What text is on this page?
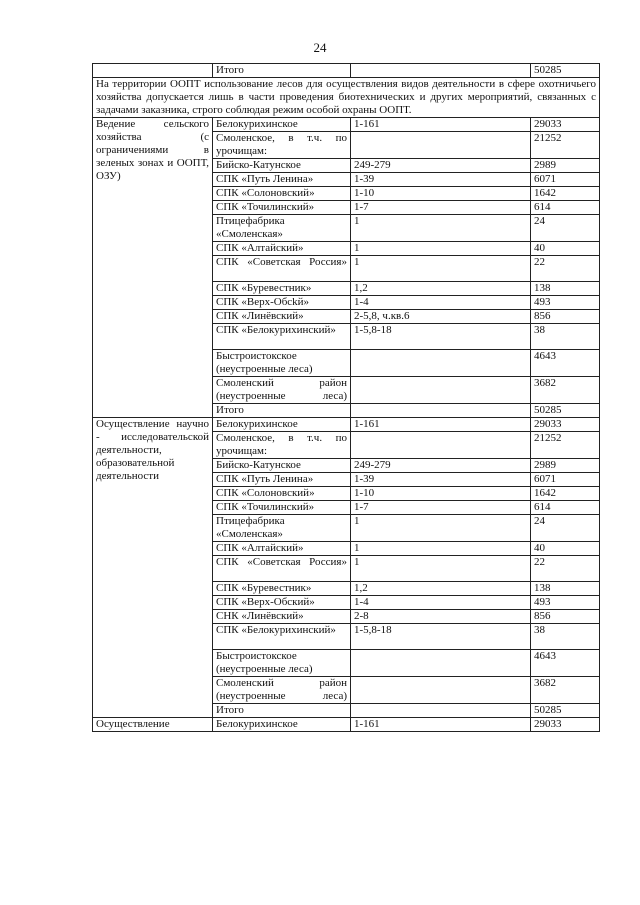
24
	Итого		50285
На территории ООПТ использование лесов для осуществления видов деятельности в сфере охотничьего хозяйства допускается лишь в части проведения биотехнических и других мероприятий, связанных с задачами заказника, строго соблюдая режим особой охраны ООПТ.			
Ведение сельского хозяйства (с ограничениями в зеленых зонах и ООПТ, ОЗУ)	Белокурихинское	1-161	29033
	Смоленское, в т.ч. по урочищам:		21252
	Бийско-Катунское	249-279	2989
	СПК «Путь Ленина»	1-39	6071
	СПК «Солоновский»	1-10	1642
	СПК «Точилинский»	1-7	614
	Птицефабрика «Смоленская»	1	24
	СПК «Алтайский»	1	40
	СПК «Советская Россия»	1	22
	СПК «Буревестник»	1,2	138
	СПК «Верх-Обсkй»	1-4	493
	СПК «Линёвский»	2-5,8, ч.кв.6	856
	СПК «Белокурихинский»	1-5,8-18	38
	Быстроистокское (неустроенные леса)		4643
	Смоленский район (неустроенные леса)		3682
	Итого		50285
Осуществление научно - исследовательской деятельности, образовательной деятельности	Белокурихинское	1-161	29033
	Смоленское, в т.ч. по урочищам:		21252
	Бийско-Катунское	249-279	2989
	СПК «Путь Ленина»	1-39	6071
	СПК «Солоновский»	1-10	1642
	СПК «Точилинский»	1-7	614
	Птицефабрика «Смоленская»	1	24
	СПК «Алтайский»	1	40
	СПК «Советская Россия»	1	22
	СПК «Буревестник»	1,2	138
	СПК «Верх-Обский»	1-4	493
	СНК «Линёвский»	2-8	856
	СПК «Белокурихинский»	1-5,8-18	38
	Быстроистокское (неустроенные леса)		4643
	Смоленский район (неустроенные леса)		3682
	Итого		50285
Осуществление	Белокурихинское	1-161	29033
